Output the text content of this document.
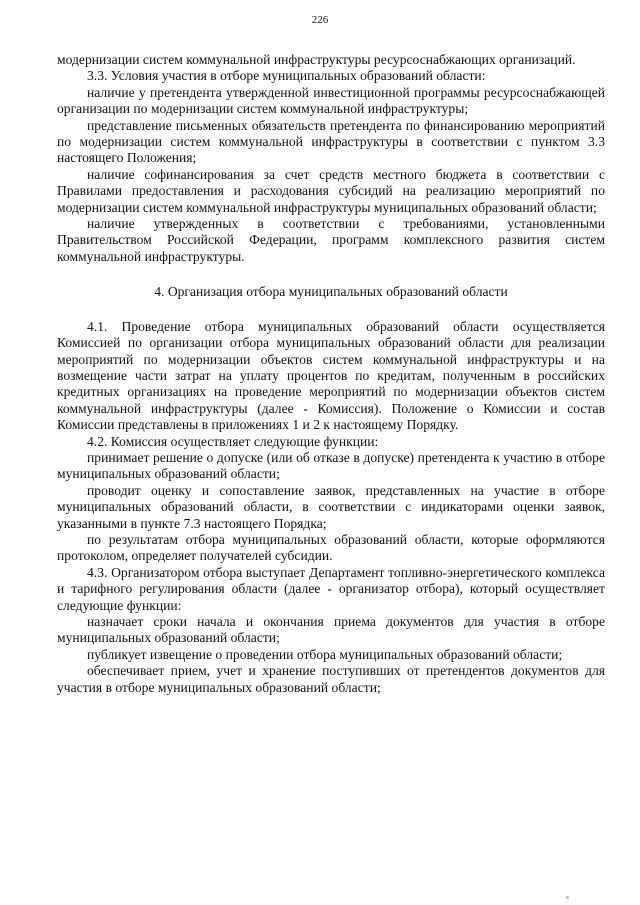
226

модернизации систем коммунальной инфраструктуры ресурсоснабжающих организаций.

3.3. Условия участия в отборе муниципальных образований области:

наличие у претендента утвержденной инвестиционной программы ресурсоснабжающей организации по модернизации систем коммунальной инфраструктуры;

представление письменных обязательств претендента по финансированию мероприятий по модернизации систем коммунальной инфраструктуры в соответствии с пунктом 3.3 настоящего Положения;

наличие софинансирования за счет средств местного бюджета в соответствии с Правилами предоставления и расходования субсидий на реализацию мероприятий по модернизации систем коммунальной инфраструктуры муниципальных образований области;

наличие утвержденных в соответствии с требованиями, установленными Правительством Российской Федерации, программ комплексного развития систем коммунальной инфраструктуры.

4. Организация отбора муниципальных образований области

4.1. Проведение отбора муниципальных образований области осуществляется Комиссией по организации отбора муниципальных образований области для реализации мероприятий по модернизации объектов систем коммунальной инфраструктуры и на возмещение части затрат на уплату процентов по кредитам, полученным в российских кредитных организациях на проведение мероприятий по модернизации объектов систем коммунальной инфраструктуры (далее - Комиссия). Положение о Комиссии и состав Комиссии представлены в приложениях 1 и 2 к настоящему Порядку.

4.2. Комиссия осуществляет следующие функции:

принимает решение о допуске (или об отказе в допуске) претендента к участию в отборе муниципальных образований области;

проводит оценку и сопоставление заявок, представленных на участие в отборе муниципальных образований области, в соответствии с индикаторами оценки заявок, указанными в пункте 7.3 настоящего Порядка;

по результатам отбора муниципальных образований области, которые оформляются протоколом, определяет получателей субсидии.

4.3. Организатором отбора выступает Департамент топливно-энергетического комплекса и тарифного регулирования области (далее - организатор отбора), который осуществляет следующие функции:

назначает сроки начала и окончания приема документов для участия в отборе муниципальных образований области;

публикует извещение о проведении отбора муниципальных образований области;

обеспечивает прием, учет и хранение поступивших от претендентов документов для участия в отборе муниципальных образований области;
